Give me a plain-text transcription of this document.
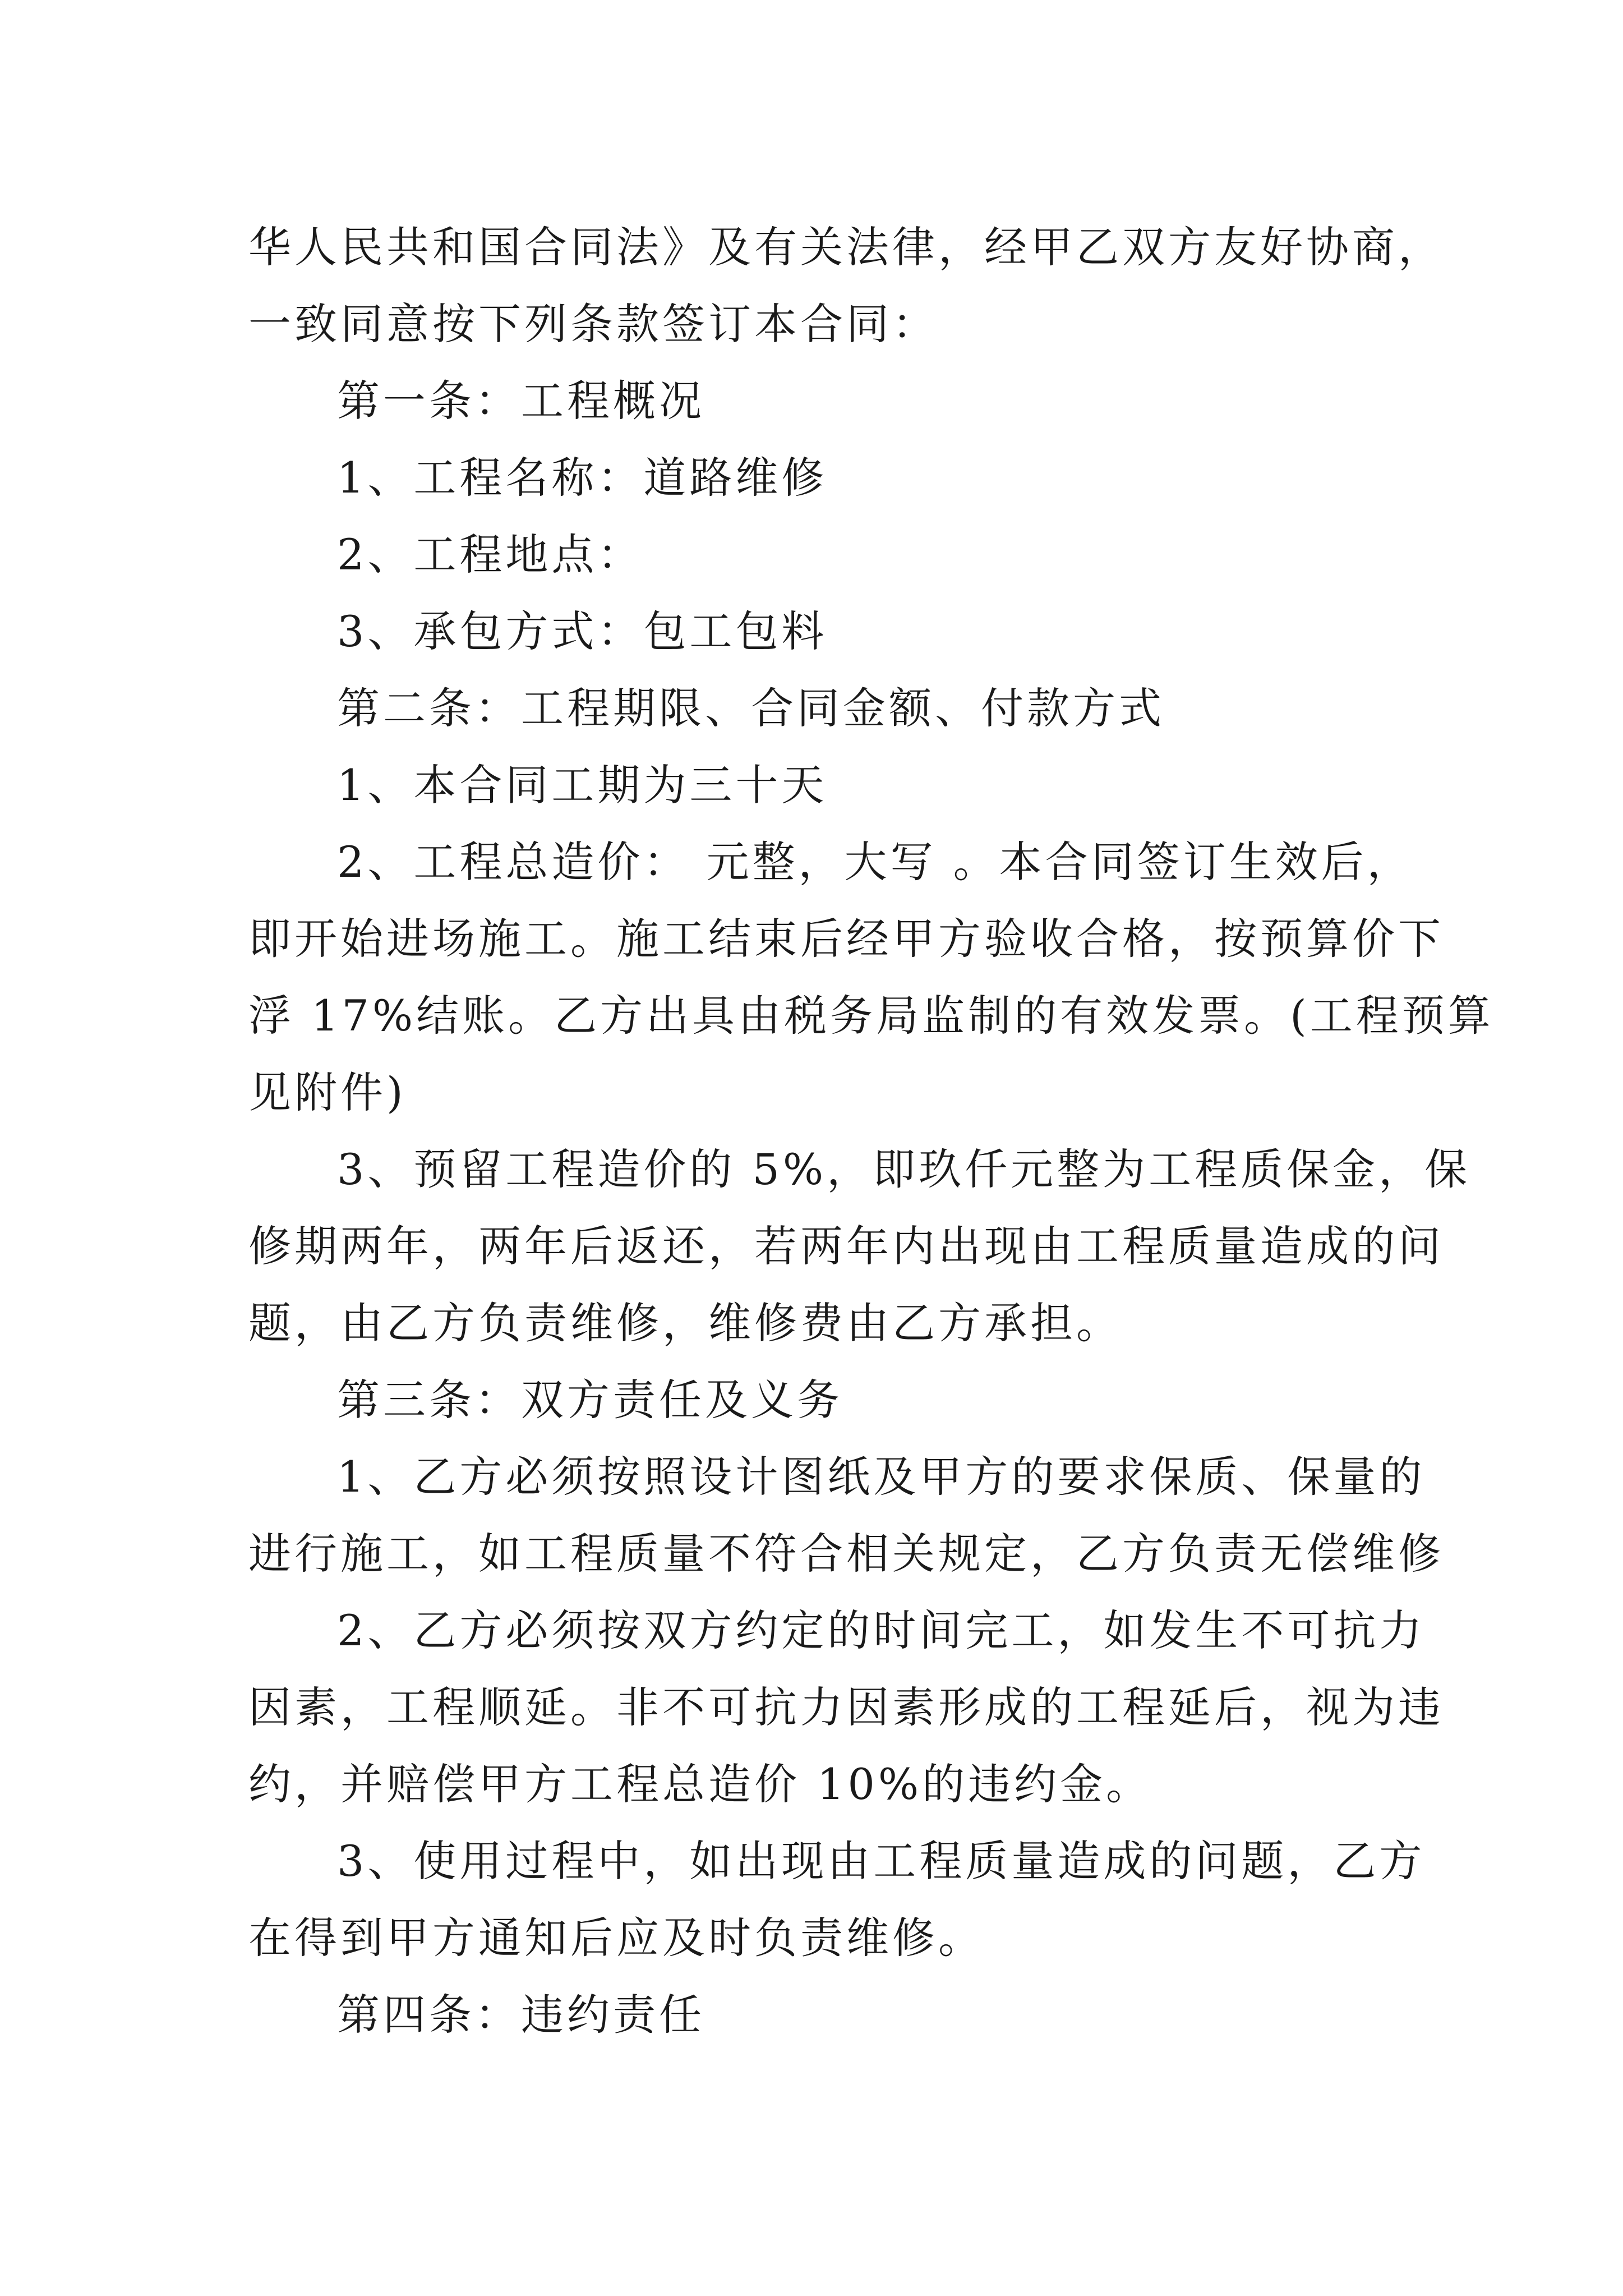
华人民共和国合同法》及有关法律，经甲乙双方友好协商，
一致同意按下列条款签订本合同：
第一条：工程概况
1、工程名称：道路维修
2、工程地点：
3、承包方式：包工包料
第二条：工程期限、合同金额、付款方式
1、本合同工期为三十天
2、工程总造价： 元整，大写 。本合同签订生效后，
即开始进场施工。施工结束后经甲方验收合格，按预算价下
浮 17%结账。乙方出具由税务局监制的有效发票。(工程预算
见附件)
3、预留工程造价的 5%，即玖仟元整为工程质保金，保
修期两年，两年后返还，若两年内出现由工程质量造成的问
题，由乙方负责维修，维修费由乙方承担。
第三条：双方责任及义务
1、乙方必须按照设计图纸及甲方的要求保质、保量的
进行施工，如工程质量不符合相关规定，乙方负责无偿维修
2、乙方必须按双方约定的时间完工，如发生不可抗力
因素，工程顺延。非不可抗力因素形成的工程延后，视为违
约，并赔偿甲方工程总造价 10%的违约金。
3、使用过程中，如出现由工程质量造成的问题，乙方
在得到甲方通知后应及时负责维修。
第四条：违约责任
